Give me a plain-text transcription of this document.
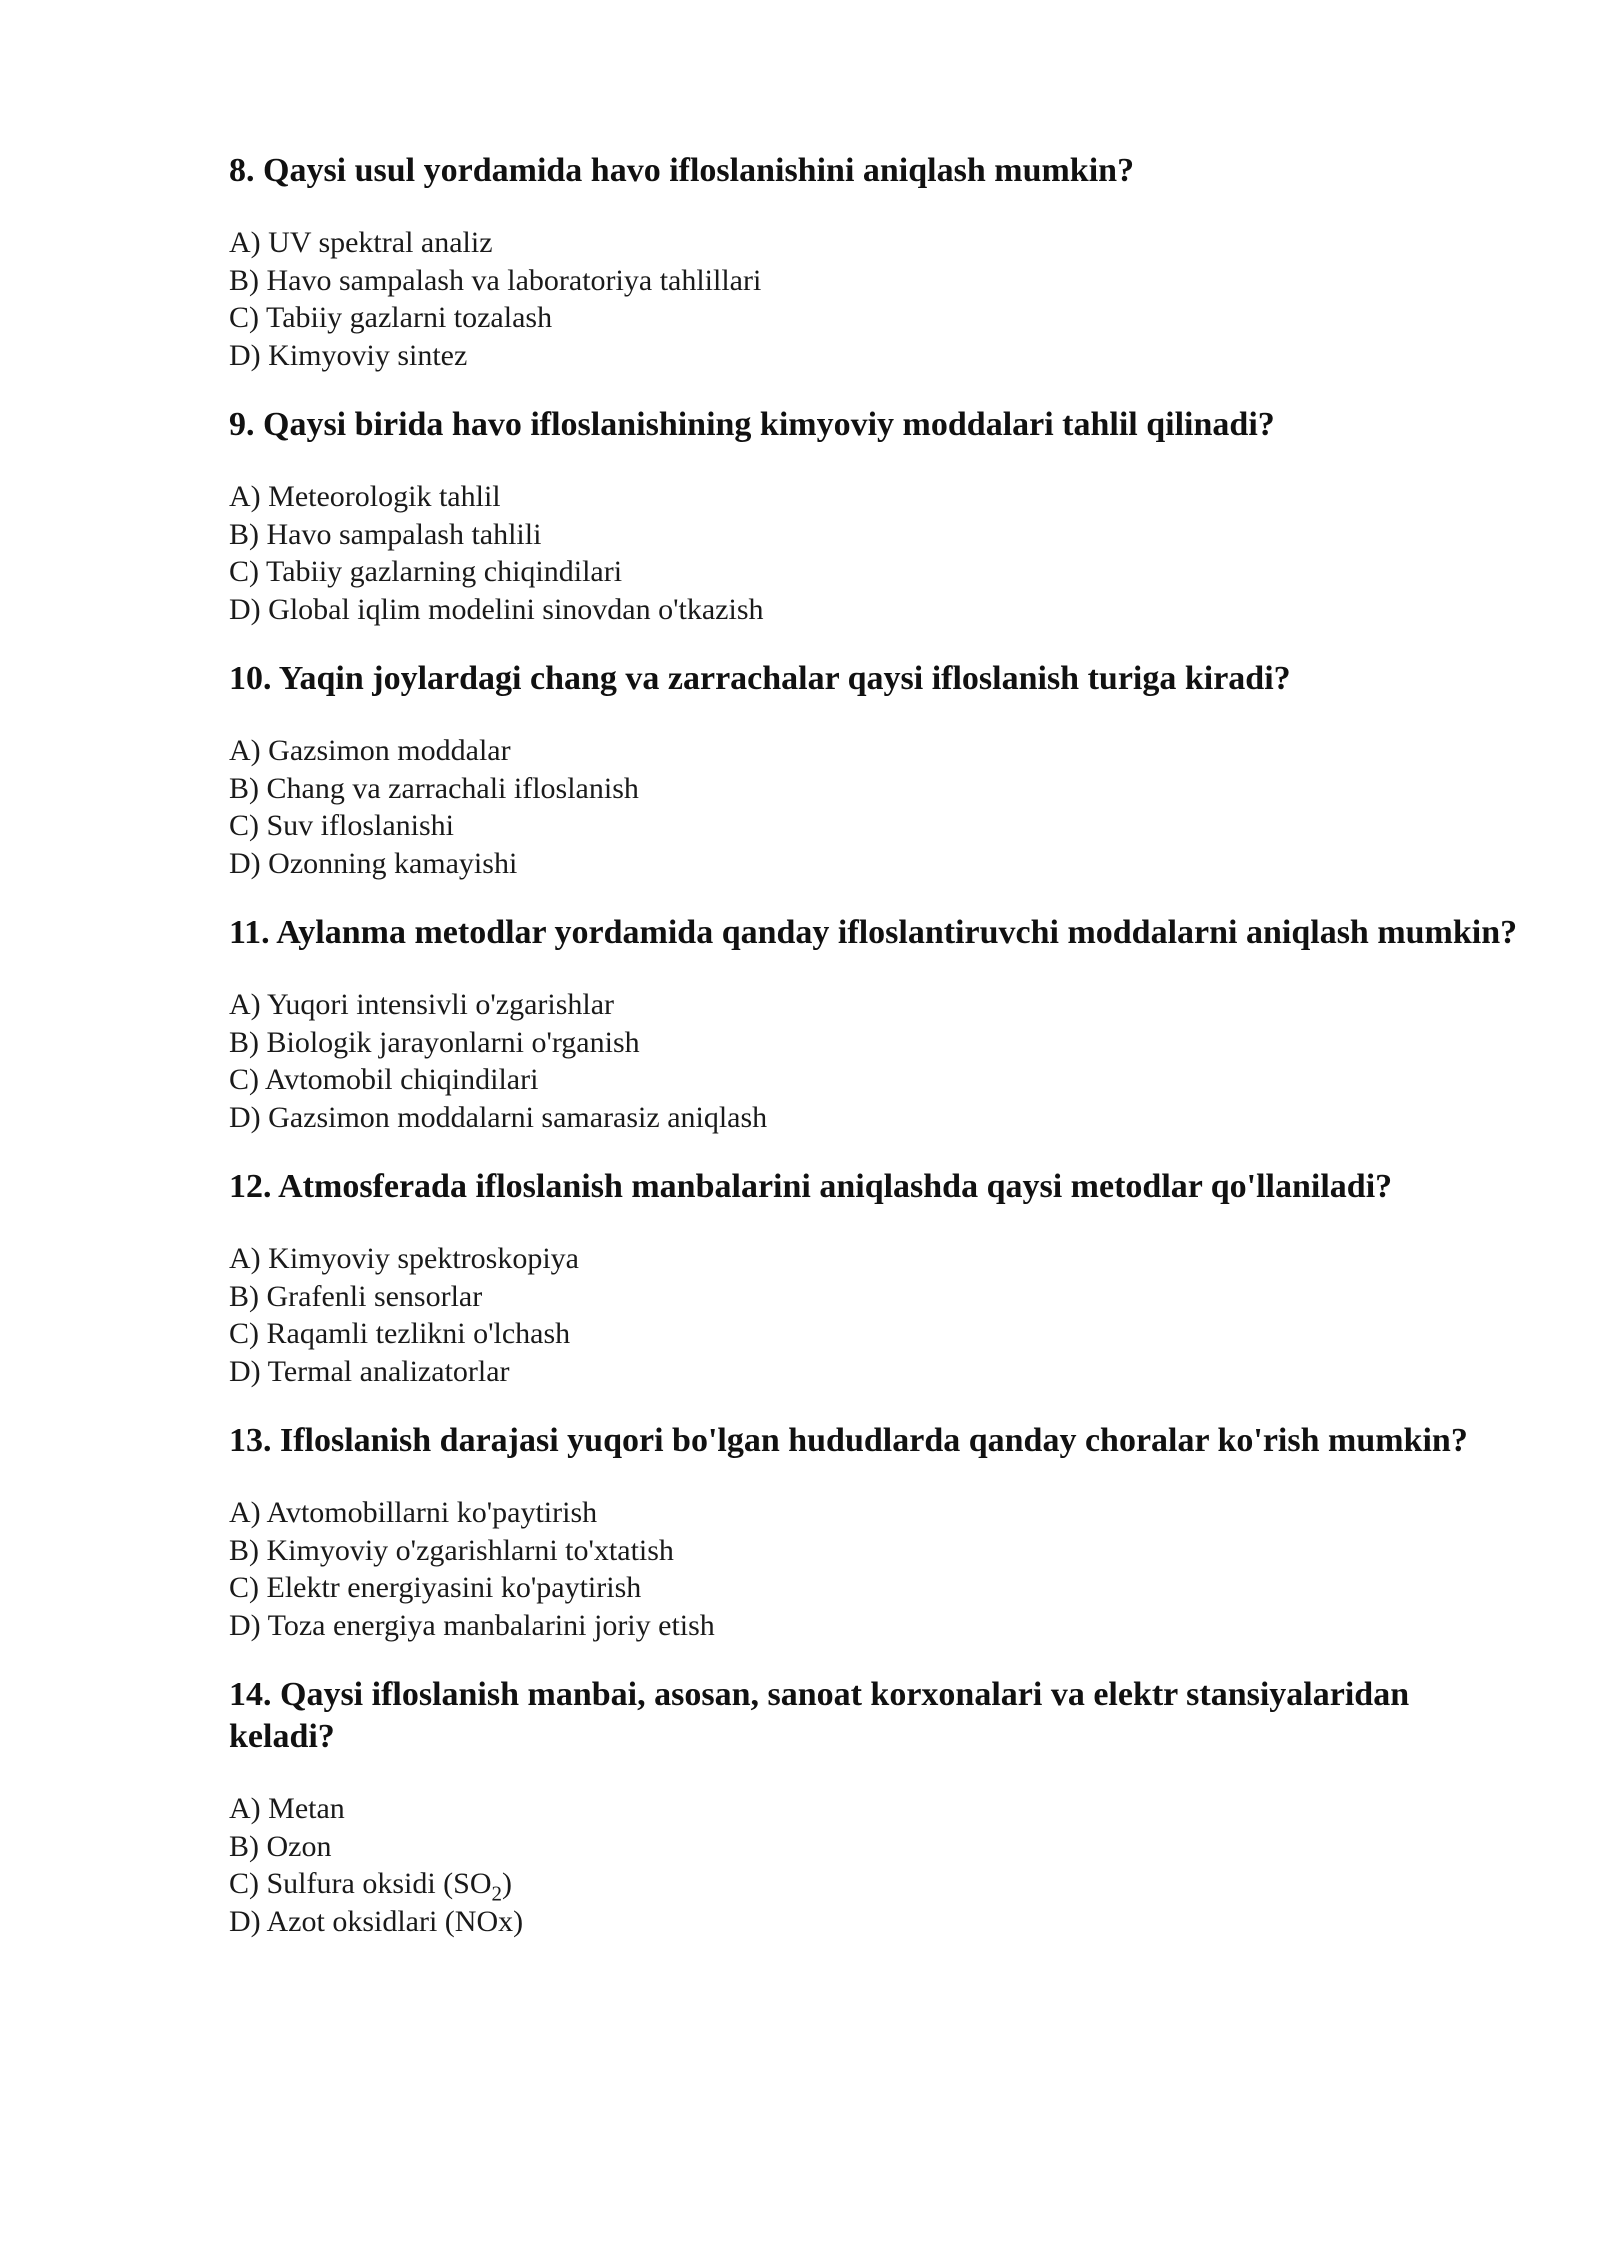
8. Qaysi usul yordamida havo ifloslanishini aniqlash mumkin?

A) UV spektral analiz
B) Havo sampalash va laboratoriya tahlillari
C) Tabiiy gazlarni tozalash
D) Kimyoviy sintez

9. Qaysi birida havo ifloslanishining kimyoviy moddalari tahlil qilinadi?

A) Meteorologik tahlil
B) Havo sampalash tahlili
C) Tabiiy gazlarning chiqindilari
D) Global iqlim modelini sinovdan o'tkazish

10. Yaqin joylardagi chang va zarrachalar qaysi ifloslanish turiga kiradi?

A) Gazsimon moddalar
B) Chang va zarrachali ifloslanish
C) Suv ifloslanishi
D) Ozonning kamayishi

11. Aylanma metodlar yordamida qanday ifloslantiruvchi moddalarni aniqlash mumkin?

A) Yuqori intensivli o'zgarishlar
B) Biologik jarayonlarni o'rganish
C) Avtomobil chiqindilari
D) Gazsimon moddalarni samarasiz aniqlash

12. Atmosferada ifloslanish manbalarini aniqlashda qaysi metodlar qo'llaniladi?

A) Kimyoviy spektroskopiya
B) Grafenli sensorlar
C) Raqamli tezlikni o'lchash
D) Termal analizatorlar

13. Ifloslanish darajasi yuqori bo'lgan hududlarda qanday choralar ko'rish mumkin?

A) Avtomobillarni ko'paytirish
B) Kimyoviy o'zgarishlarni to'xtatish
C) Elektr energiyasini ko'paytirish
D) Toza energiya manbalarini joriy etish

14. Qaysi ifloslanish manbai, asosan, sanoat korxonalari va elektr stansiyalaridan keladi?

A) Metan
B) Ozon
C) Sulfura oksidi $(SO_2)$
D) Azot oksidlari (NOx)
